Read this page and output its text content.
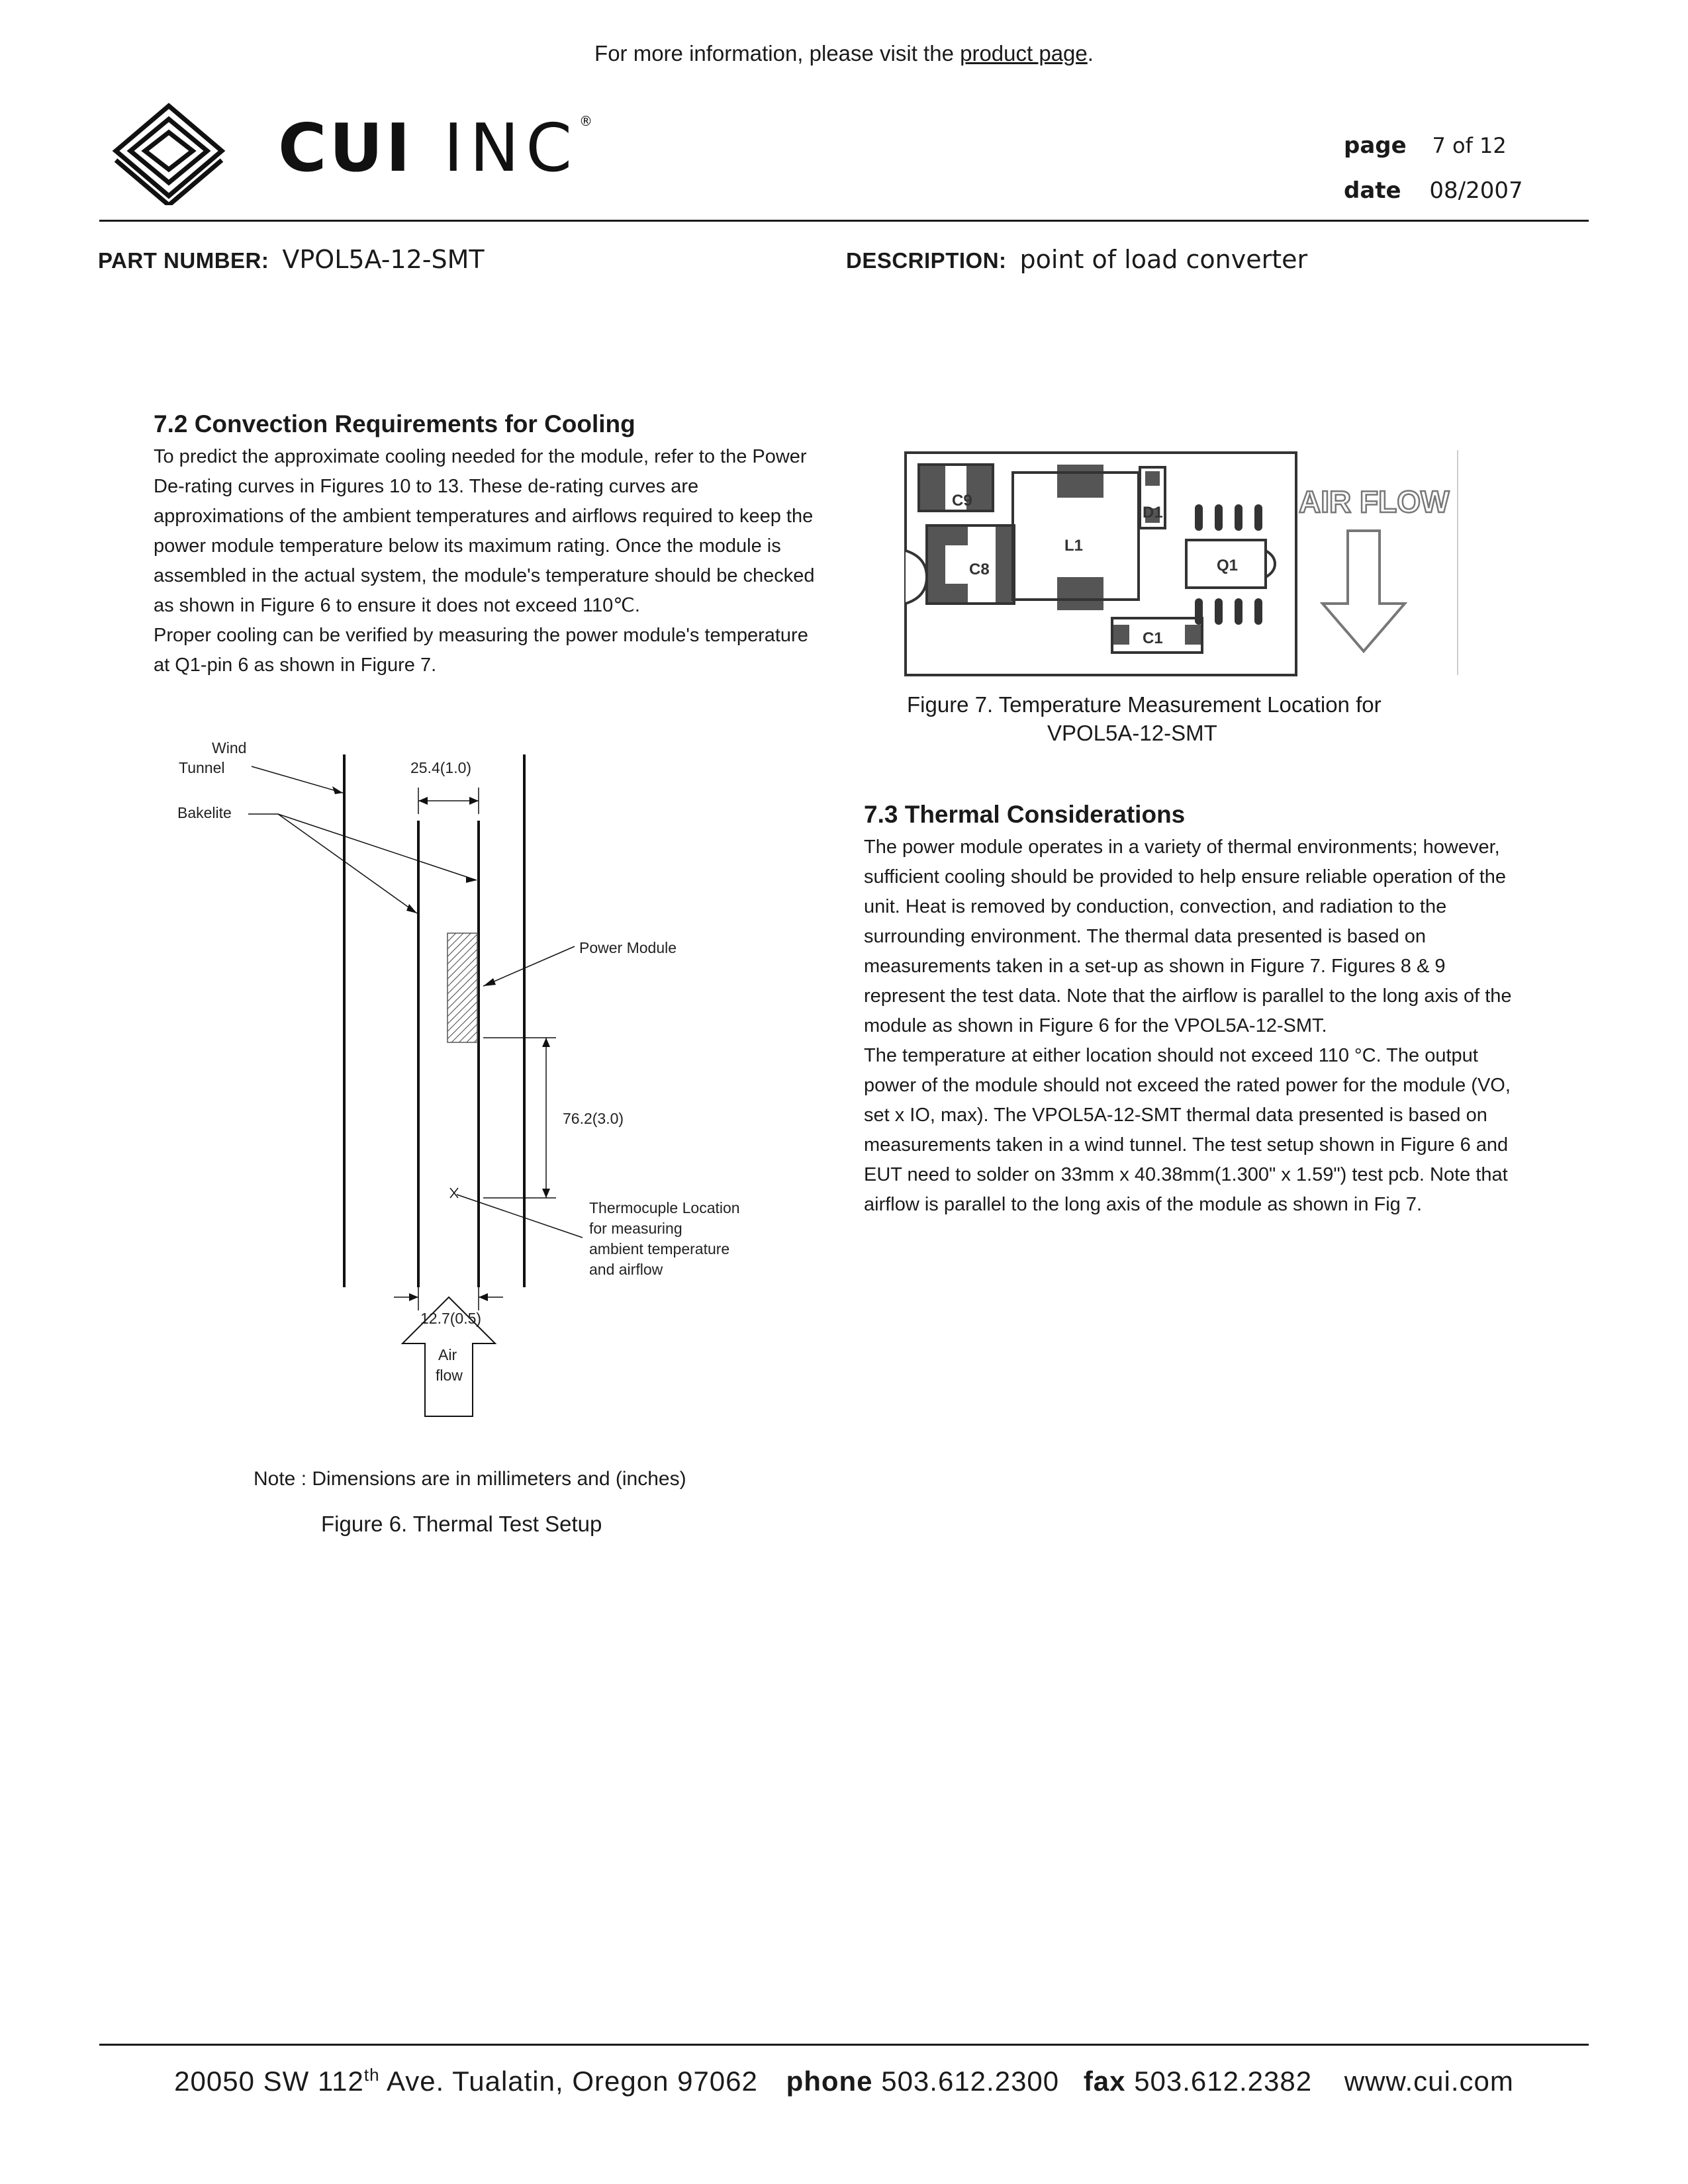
For more information, please visit the product page.
CUI INC ®
page 7 of 12
date 08/2007
PART NUMBER: VPOL5A-12-SMT	DESCRIPTION: point of load converter
7.2 Convection Requirements for Cooling

To predict the approximate cooling needed for the module, refer to the Power De-rating curves in Figures 10 to 13. These de-rating curves are approximations of the ambient temperatures and airflows required to keep the power module temperature below its maximum rating. Once the module is assembled in the actual system, the module's temperature should be checked as shown in Figure 6 to ensure it does not exceed 110℃.

Proper cooling can be verified by measuring the power module's temperature at Q1-pin 6 as shown in Figure 7.

Wind
Tunnel
Bakelite
25.4(1.0)
Power Module
76.2(3.0)
Thermocuple Location
for measuring
ambient temperature
and airflow
12.7(0.5)
Air
flow
Note : Dimensions are in millimeters and (inches)
Figure 6. Thermal Test Setup
C9
C8
L1
D1
Q1
C1
AIR FLOW
Figure 7. Temperature Measurement Location for
VPOL5A-12-SMT
7.3 Thermal Considerations

The power module operates in a variety of thermal environments; however, sufficient cooling should be provided to help ensure reliable operation of the unit. Heat is removed by conduction, convection, and radiation to the surrounding environment. The thermal data presented is based on measurements taken in a set-up as shown in Figure 7. Figures 8 & 9 represent the test data. Note that the airflow is parallel to the long axis of the module as shown in Figure 6 for the VPOL5A-12-SMT.

The temperature at either location should not exceed 110 °C. The output power of the module should not exceed the rated power for the module (VO, set x IO, max). The VPOL5A-12-SMT thermal data presented is based on measurements taken in a wind tunnel. The test setup shown in Figure 6 and EUT need to solder on 33mm x 40.38mm(1.300" x 1.59") test pcb. Note that airflow is parallel to the long axis of the module as shown in Fig 7.

20050 SW 112th Ave. Tualatin, Oregon 97062 phone 503.612.2300 fax 503.612.2382 www.cui.com
